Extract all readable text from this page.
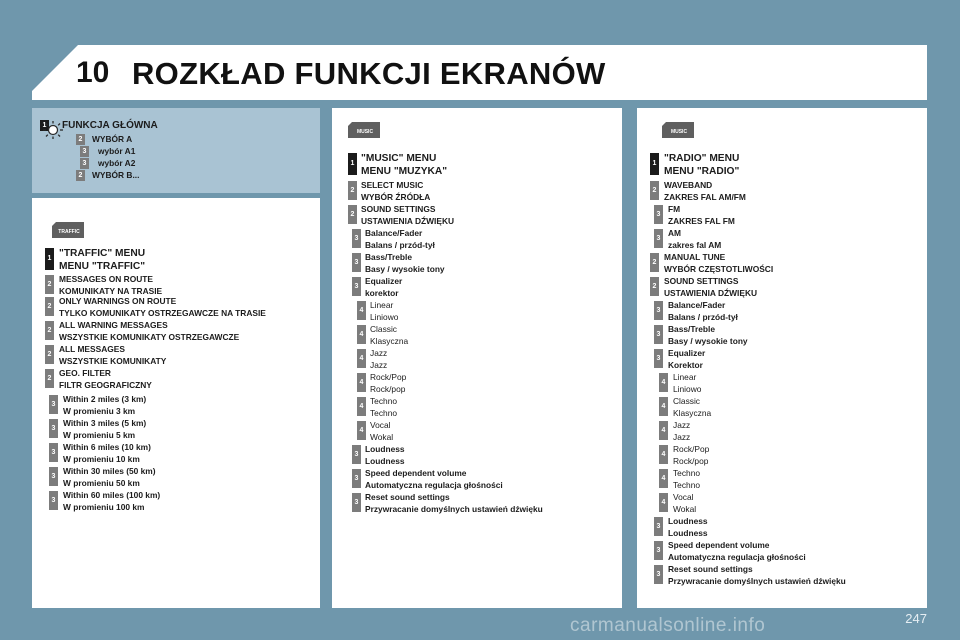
10 ROZKŁAD FUNKCJI EKRANÓW
1 FUNKCJA GŁÓWNA
2	WYBÓR A
3	wybór A1
3	wybór A2
2	WYBÓR B...
1 "TRAFFIC" MENU
MENU "TRAFFIC"
2
MESSAGES ON ROUTE
KOMUNIKATY NA TRASIE
2
ONLY WARNINGS ON ROUTE
TYLKO KOMUNIKATY OSTRZEGAWCZE NA TRASIE
2
ALL WARNING MESSAGES
WSZYSTKIE KOMUNIKATY OSTRZEGAWCZE
2
ALL MESSAGES
WSZYSTKIE KOMUNIKATY
2
GEO. FILTER
FILTR GEOGRAFICZNY
3
Within 2 miles (3 km)
W promieniu 3 km
3
Within 3 miles (5 km)
W promieniu 5 km
3
Within 6 miles (10 km)
W promieniu 10 km
3
Within 30 miles (50 km)
W promieniu 50 km
3
Within 60 miles (100 km)
W promieniu 100 km
TRAFFIC
1 "MUSIC" MENU
MENU "MUZYKA"
2
SELECT MUSIC
WYBÓR ŹRÓDŁA
2
SOUND SETTINGS
USTAWIENIA DŹWIĘKU
3
Balance/Fader
Balans / przód-tył
3
Bass/Treble
Basy / wysokie tony
3
Equalizer
korektor
4
Linear
Liniowo
4
Classic
Klasyczna
4
Jazz
Jazz
4
Rock/Pop
Rock/pop
4
Techno
Techno
4
Vocal
Wokal
3
Loudness
Loudness
3
Speed dependent volume
Automatyczna regulacja głośności
3
Reset sound settings
Przywracanie domyślnych ustawień dźwięku
MUSIC
1 "RADIO" MENU
MENU "RADIO"
2
WAVEBAND
ZAKRES FAL AM/FM
3
FM
ZAKRES FAL FM
3
AM
zakres fal AM
2
MANUAL TUNE
WYBÓR CZĘSTOTLIWOŚCI
2
SOUND SETTINGS
USTAWIENIA DŹWIĘKU
3
Balance/Fader
Balans / przód-tył
3
Bass/Treble
Basy / wysokie tony
3
Equalizer
Korektor
4
Linear
Liniowo
4
Classic
Klasyczna
4
Jazz
Jazz
4
Rock/Pop
Rock/pop
4
Techno
Techno
4
Vocal
Wokal
3
Loudness
Loudness
3
Speed dependent volume
Automatyczna regulacja głośności
3
Reset sound settings
Przywracanie domyślnych ustawień dźwięku
MUSIC
247
carmanualsonline.info
